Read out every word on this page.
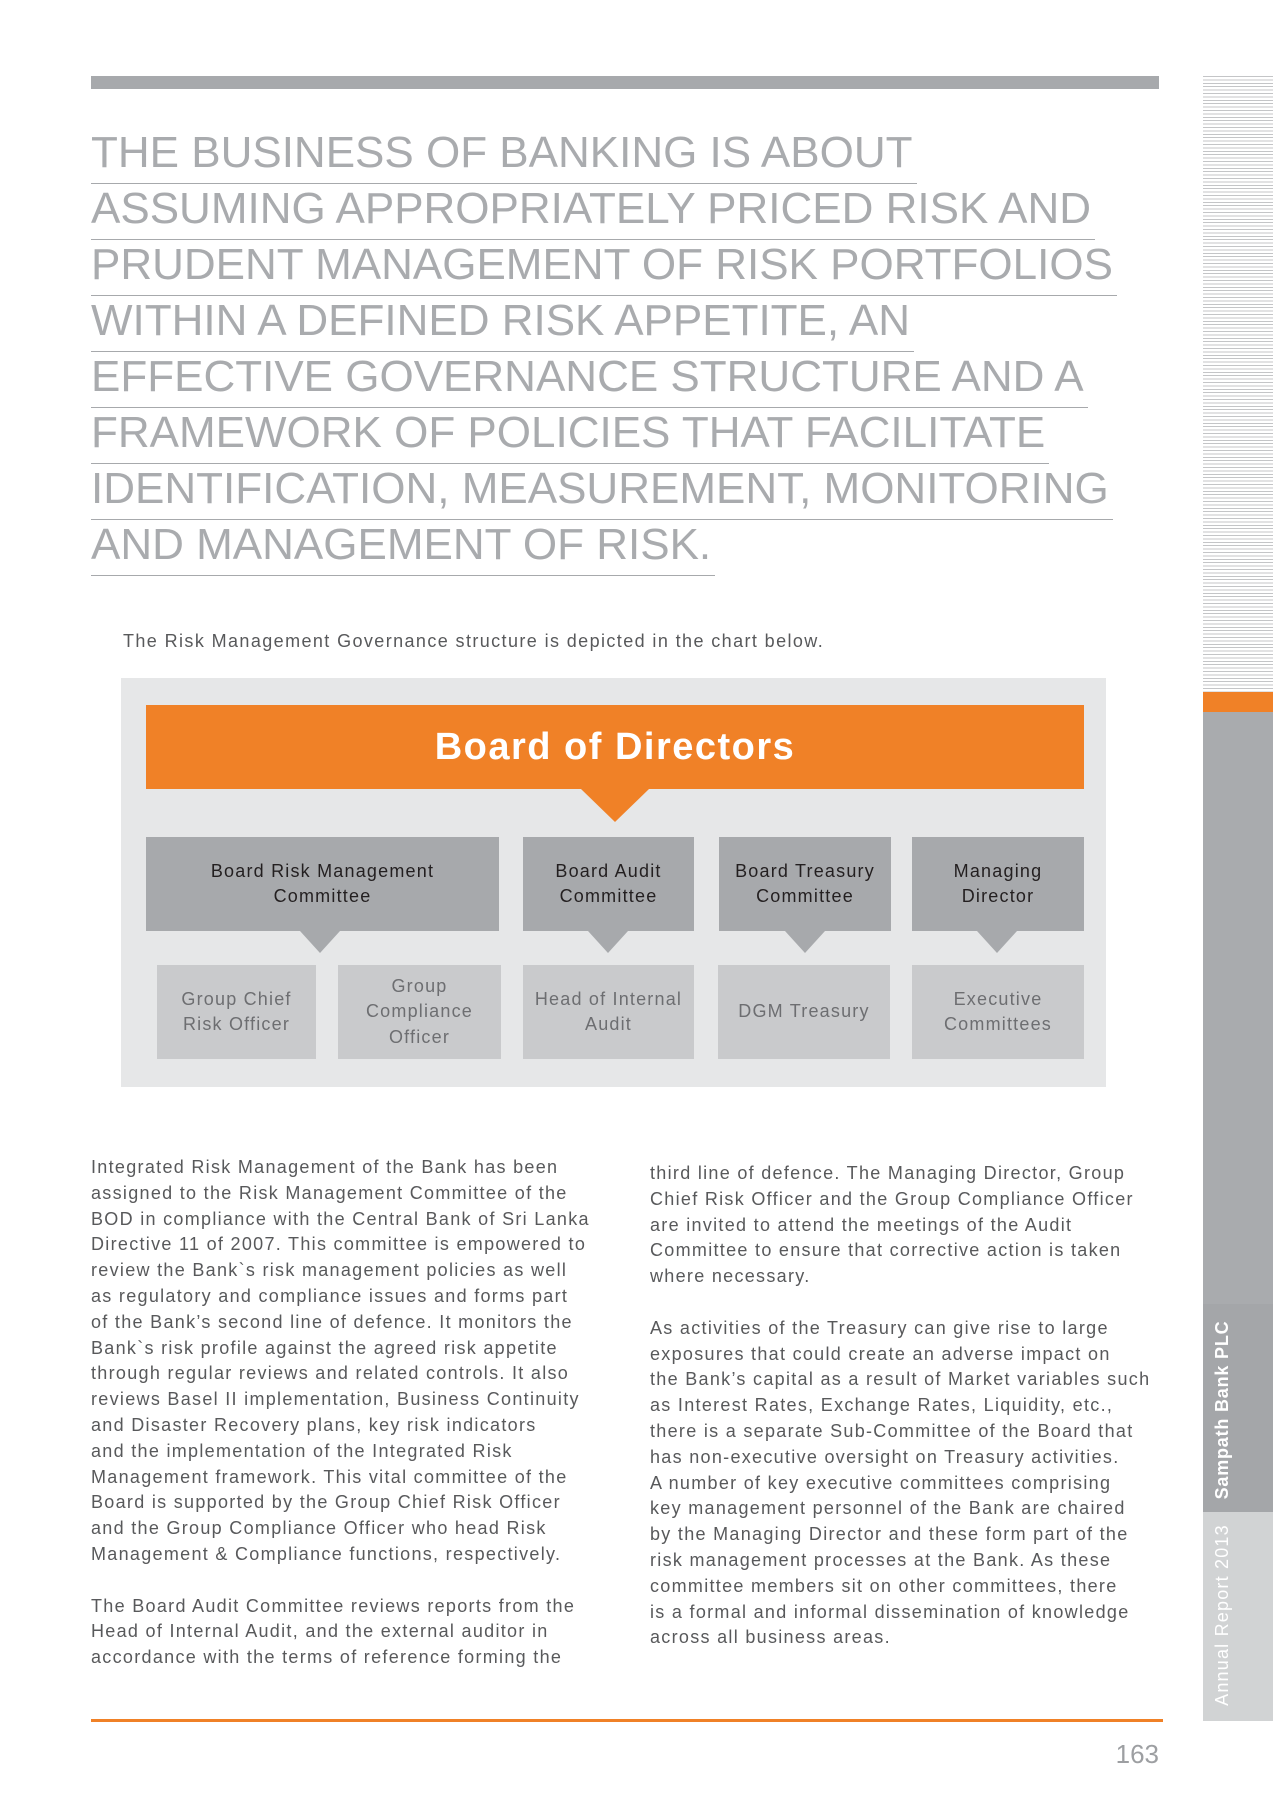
THE BUSINESS OF BANKING IS ABOUT
ASSUMING APPROPRIATELY PRICED RISK AND
PRUDENT MANAGEMENT OF RISK PORTFOLIOS
WITHIN A DEFINED RISK APPETITE, AN
EFFECTIVE GOVERNANCE STRUCTURE AND A
FRAMEWORK OF POLICIES THAT FACILITATE
IDENTIFICATION, MEASUREMENT, MONITORING
AND MANAGEMENT OF RISK.
The Risk Management Governance structure is depicted in the chart below.
Board of Directors
Board Risk Management
Committee
Board Audit
Committee
Board Treasury
Committee
Managing
Director
Group Chief
Risk Officer
Group
Compliance
Officer
Head of Internal
Audit
DGM Treasury
Executive
Committees
Integrated Risk Management of the Bank has been
assigned to the Risk Management Committee of the
BOD in compliance with the Central Bank of Sri Lanka
Directive 11 of 2007. This committee is empowered to
review the Bank`s risk management policies as well
as regulatory and compliance issues and forms part
of the Bank’s second line of defence. It monitors the
Bank`s risk profile against the agreed risk appetite
through regular reviews and related controls. It also
reviews Basel II implementation, Business Continuity
and Disaster Recovery plans, key risk indicators
and the implementation of the Integrated Risk
Management framework. This vital committee of the
Board is supported by the Group Chief Risk Officer
and the Group Compliance Officer who head Risk
Management & Compliance functions, respectively.
The Board Audit Committee reviews reports from the
Head of Internal Audit, and the external auditor in
accordance with the terms of reference forming the
third line of defence. The Managing Director, Group
Chief Risk Officer and the Group Compliance Officer
are invited to attend the meetings of the Audit
Committee to ensure that corrective action is taken
where necessary.
As activities of the Treasury can give rise to large
exposures that could create an adverse impact on
the Bank’s capital as a result of Market variables such
as Interest Rates, Exchange Rates, Liquidity, etc.,
there is a separate Sub-Committee of the Board that
has non-executive oversight on Treasury activities.
A number of key executive committees comprising
key management personnel of the Bank are chaired
by the Managing Director and these form part of the
risk management processes at the Bank. As these
committee members sit on other committees, there
is a formal and informal dissemination of knowledge
across all business areas.
Sampath Bank PLC
Annual Report 2013
163
